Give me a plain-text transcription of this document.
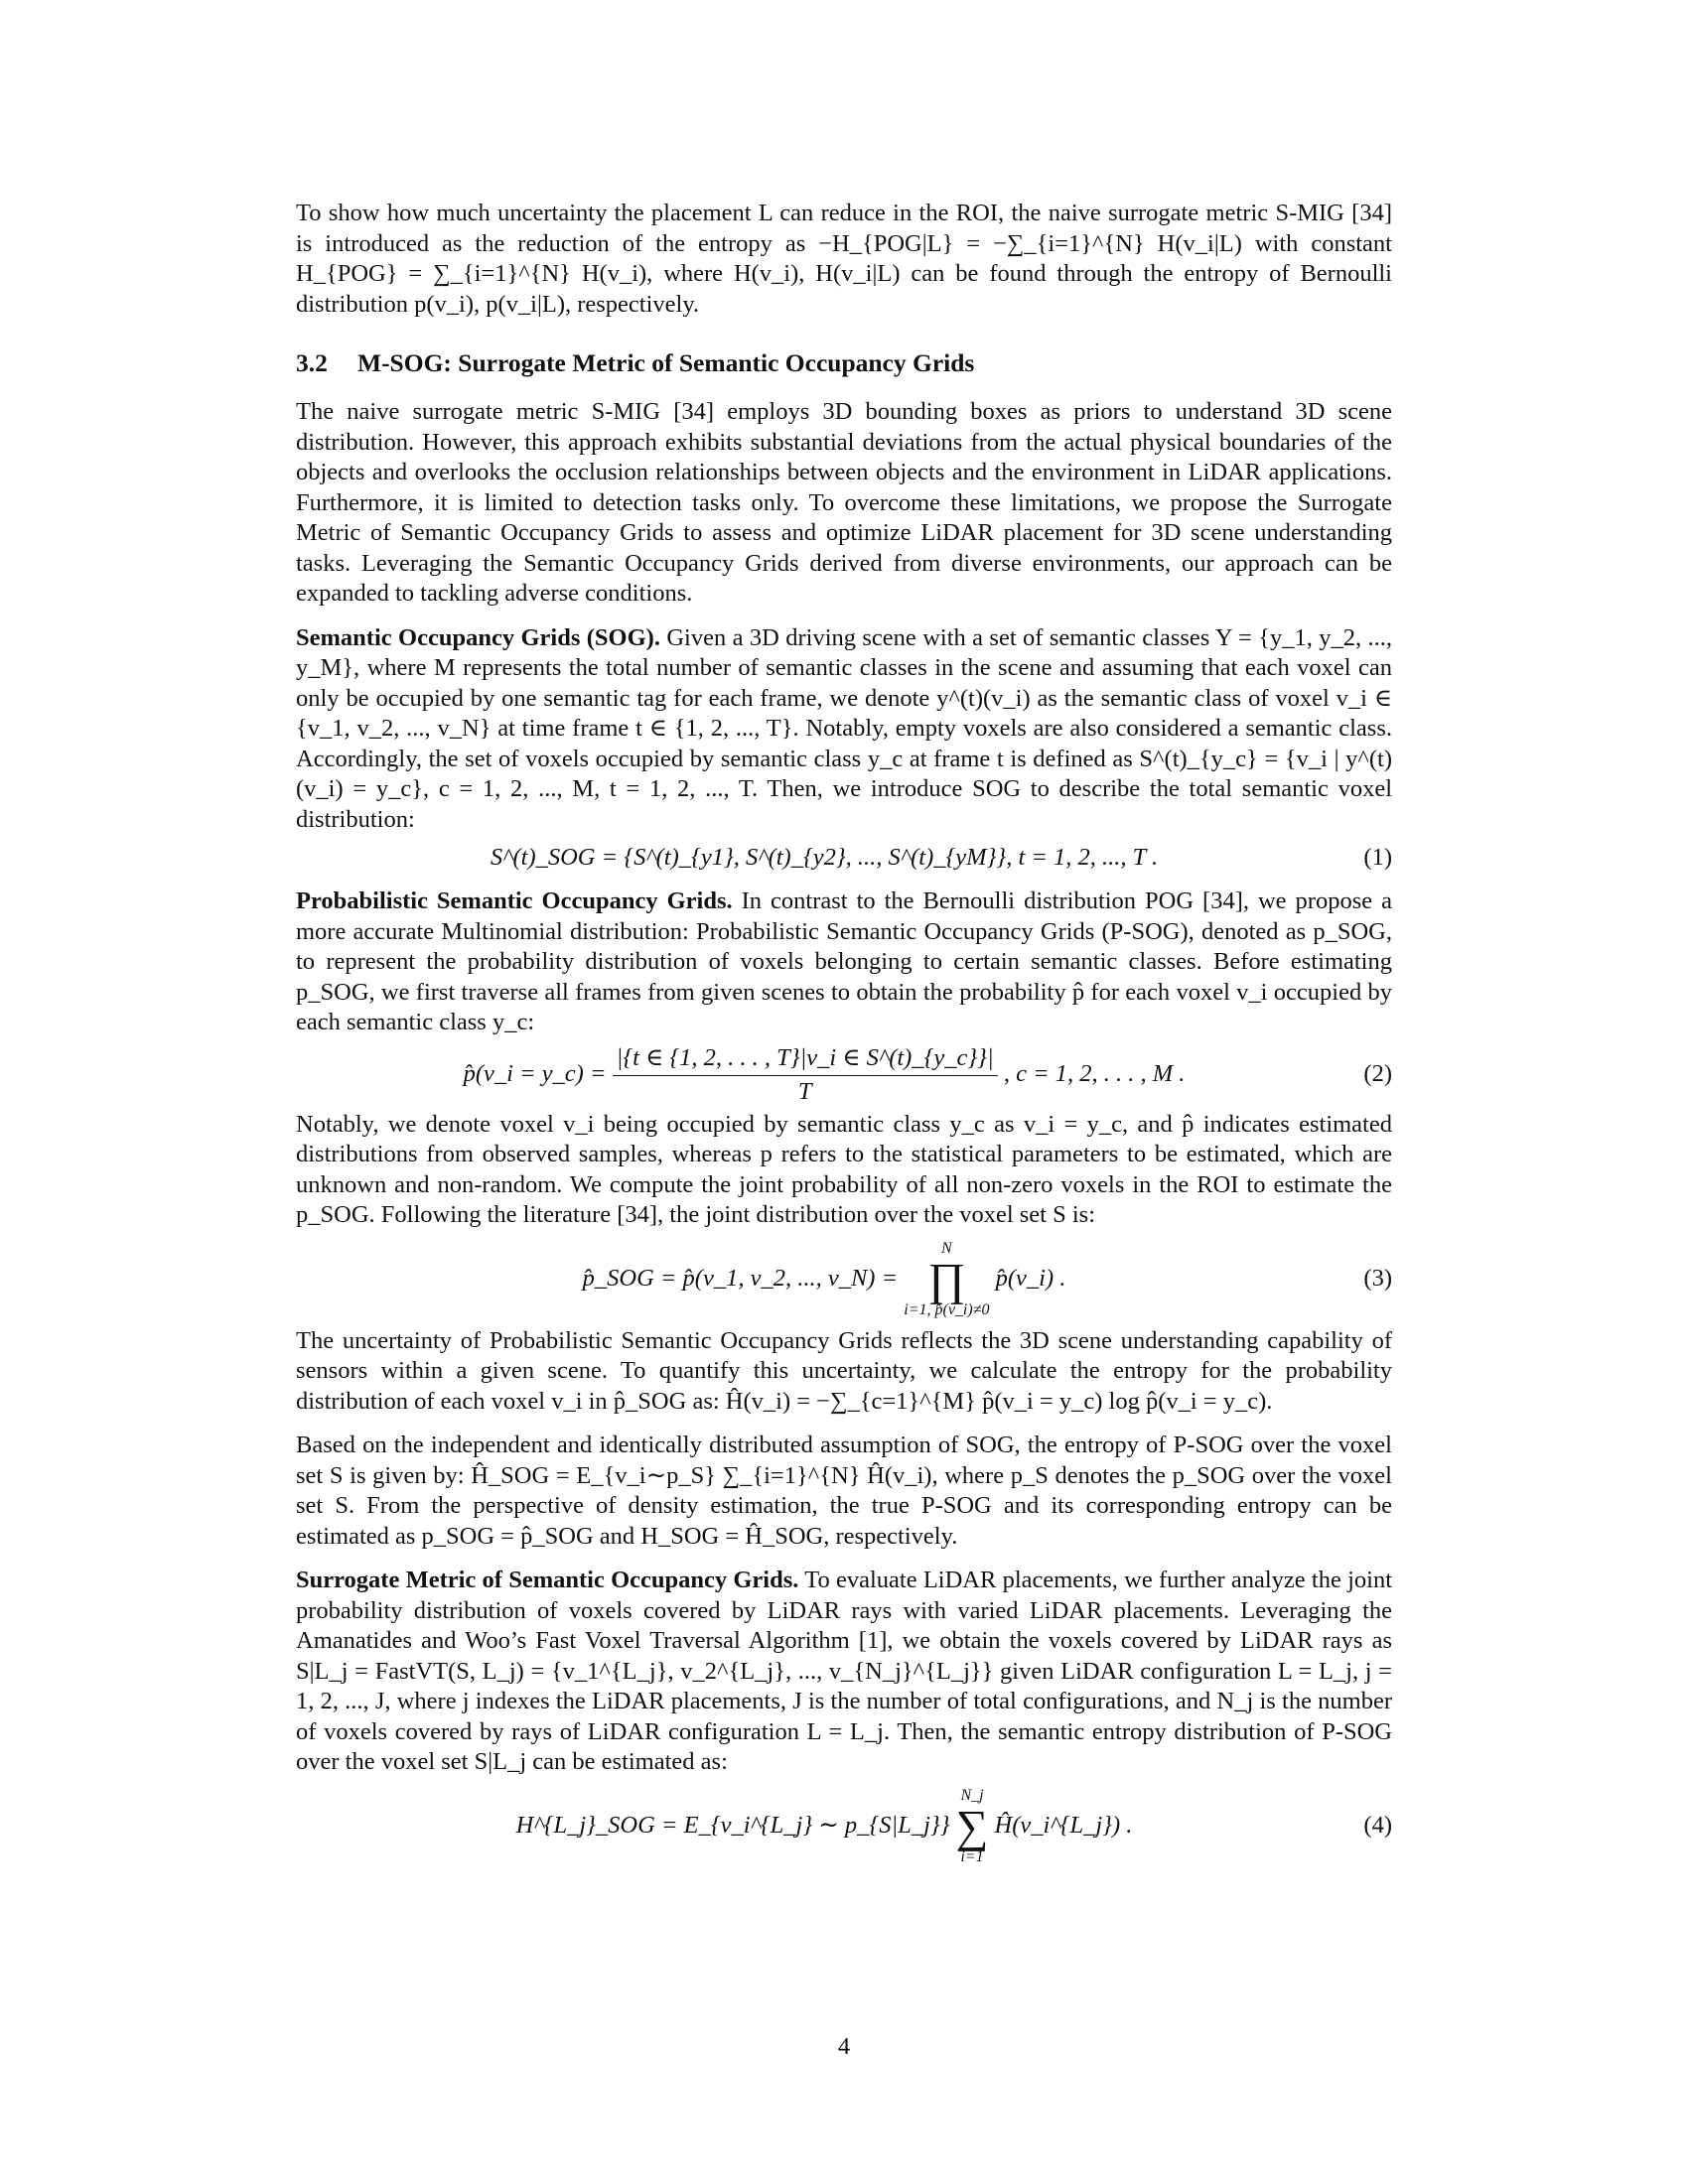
To show how much uncertainty the placement L can reduce in the ROI, the naive surrogate metric S-MIG [34] is introduced as the reduction of the entropy as −H_{POG|L} = −∑_{i=1}^{N} H(v_i|L) with constant H_{POG} = ∑_{i=1}^{N} H(v_i), where H(v_i), H(v_i|L) can be found through the entropy of Bernoulli distribution p(v_i), p(v_i|L), respectively.

3.2 M-SOG: Surrogate Metric of Semantic Occupancy Grids

The naive surrogate metric S-MIG [34] employs 3D bounding boxes as priors to understand 3D scene distribution. However, this approach exhibits substantial deviations from the actual physical boundaries of the objects and overlooks the occlusion relationships between objects and the environment in LiDAR applications. Furthermore, it is limited to detection tasks only. To overcome these limitations, we propose the Surrogate Metric of Semantic Occupancy Grids to assess and optimize LiDAR placement for 3D scene understanding tasks. Leveraging the Semantic Occupancy Grids derived from diverse environments, our approach can be expanded to tackling adverse conditions.

Semantic Occupancy Grids (SOG). Given a 3D driving scene with a set of semantic classes Y = {y_1, y_2, ..., y_M}, where M represents the total number of semantic classes in the scene and assuming that each voxel can only be occupied by one semantic tag for each frame, we denote y^(t)(v_i) as the semantic class of voxel v_i ∈ {v_1, v_2, ..., v_N} at time frame t ∈ {1, 2, ..., T}. Notably, empty voxels are also considered a semantic class. Accordingly, the set of voxels occupied by semantic class y_c at frame t is defined as S^(t)_{y_c} = {v_i | y^(t)(v_i) = y_c}, c = 1, 2, ..., M, t = 1, 2, ..., T. Then, we introduce SOG to describe the total semantic voxel distribution:

S^(t)_SOG = {S^(t)_{y1}, S^(t)_{y2}, ..., S^(t)_{yM}}, t = 1, 2, ..., T .	(1)

Probabilistic Semantic Occupancy Grids. In contrast to the Bernoulli distribution POG [34], we propose a more accurate Multinomial distribution: Probabilistic Semantic Occupancy Grids (P-SOG), denoted as p_SOG, to represent the probability distribution of voxels belonging to certain semantic classes. Before estimating p_SOG, we first traverse all frames from given scenes to obtain the probability p̂ for each voxel v_i occupied by each semantic class y_c:

p̂(v_i = y_c) = $\frac{|\{t \in \{1, 2, . . . , T\}|v\_i \in S\^{}(t)\_\{y\_c\}\}|}{T}$ , c = 1, 2, . . . , M .	(2)

Notably, we denote voxel v_i being occupied by semantic class y_c as v_i = y_c, and p̂ indicates estimated distributions from observed samples, whereas p refers to the statistical parameters to be estimated, which are unknown and non-random. We compute the joint probability of all non-zero voxels in the ROI to estimate the p_SOG. Following the literature [34], the joint distribution over the voxel set S is:

p̂_SOG = p̂(v_1, v_2, ..., v_N) =
N
∏
i=1, p̂(v_i)≠0
p̂(v_i) .	(3)

The uncertainty of Probabilistic Semantic Occupancy Grids reflects the 3D scene understanding capability of sensors within a given scene. To quantify this uncertainty, we calculate the entropy for the probability distribution of each voxel v_i in p̂_SOG as: Ĥ(v_i) = −∑_{c=1}^{M} p̂(v_i = y_c) log p̂(v_i = y_c).

Based on the independent and identically distributed assumption of SOG, the entropy of P-SOG over the voxel set S is given by: Ĥ_SOG = E_{v_i∼p_S} ∑_{i=1}^{N} Ĥ(v_i), where p_S denotes the p_SOG over the voxel set S. From the perspective of density estimation, the true P-SOG and its corresponding entropy can be estimated as p_SOG = p̂_SOG and H_SOG = Ĥ_SOG, respectively.

Surrogate Metric of Semantic Occupancy Grids. To evaluate LiDAR placements, we further analyze the joint probability distribution of voxels covered by LiDAR rays with varied LiDAR placements. Leveraging the Amanatides and Woo’s Fast Voxel Traversal Algorithm [1], we obtain the voxels covered by LiDAR rays as S|L_j = FastVT(S, L_j) = {v_1^{L_j}, v_2^{L_j}, ..., v_{N_j}^{L_j}} given LiDAR configuration L = L_j, j = 1, 2, ..., J, where j indexes the LiDAR placements, J is the number of total configurations, and N_j is the number of voxels covered by rays of LiDAR configuration L = L_j. Then, the semantic entropy distribution of P-SOG over the voxel set S|L_j can be estimated as:

H^{L_j}_SOG = E_{v_i^{L_j} ∼ p_{S|L_j}}
N_j
∑
i=1
Ĥ(v_i^{L_j}) .	(4)
4
